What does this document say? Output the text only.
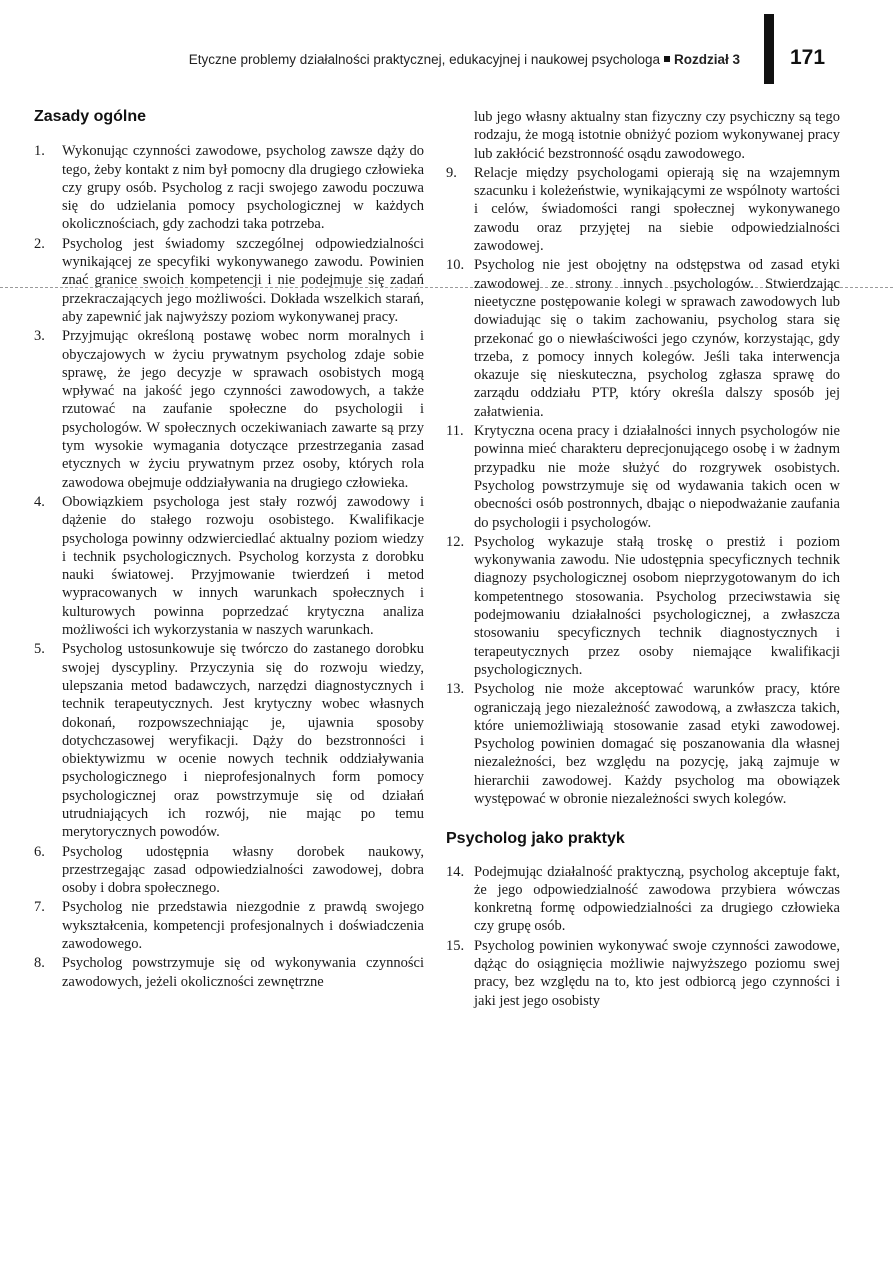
Etyczne problemy działalności praktycznej, edukacyjnej i naukowej psychologa Rozdział 3 171
Zasady ogólne
1.	Wykonując czynności zawodowe, psycholog zawsze dąży do tego, żeby kontakt z nim był pomocny dla drugiego człowieka czy grupy osób. Psycholog z racji swojego zawodu poczuwa się do udzielania pomocy psychologicznej w każdych okolicznościach, gdy zachodzi taka potrzeba.
2.	Psycholog jest świadomy szczególnej odpowiedzialności wynikającej ze specyfiki wykonywanego zawodu. Powinien znać granice swoich kompetencji i nie podejmuje się zadań przekraczających jego możliwości. Dokłada wszelkich starań, aby zapewnić jak najwyższy poziom wykonywanej pracy.
3.	Przyjmując określoną postawę wobec norm moralnych i obyczajowych w życiu prywatnym psycholog zdaje sobie sprawę, że jego decyzje w sprawach osobistych mogą wpływać na jakość jego czynności zawodowych, a także rzutować na zaufanie społeczne do psychologii i psychologów. W społecznych oczekiwaniach zawarte są przy tym wysokie wymagania dotyczące przestrzegania zasad etycznych w życiu prywatnym przez osoby, których rola zawodowa obejmuje oddziaływania na drugiego człowieka.
4.	Obowiązkiem psychologa jest stały rozwój zawodowy i dążenie do stałego rozwoju osobistego. Kwalifikacje psychologa powinny odzwierciedlać aktualny poziom wiedzy i technik psychologicznych. Psycholog korzysta z dorobku nauki światowej. Przyjmowanie twierdzeń i metod wypracowanych w innych warunkach społecznych i kulturowych powinna poprzedzać krytyczna analiza możliwości ich wykorzystania w naszych warunkach.
5.	Psycholog ustosunkowuje się twórczo do zastanego dorobku swojej dyscypliny. Przyczynia się do rozwoju wiedzy, ulepszania metod badawczych, narzędzi diagnostycznych i technik terapeutycznych. Jest krytyczny wobec własnych dokonań, rozpowszechniając je, ujawnia sposoby dotychczasowej weryfikacji. Dąży do bezstronności i obiektywizmu w ocenie nowych technik oddziaływania psychologicznego i nieprofesjonalnych form pomocy psychologicznej oraz powstrzymuje się od działań utrudniających ich rozwój, nie mając po temu merytorycznych powodów.
6.	Psycholog udostępnia własny dorobek naukowy, przestrzegając zasad odpowiedzialności zawodowej, dobra osoby i dobra społecznego.
7.	Psycholog nie przedstawia niezgodnie z prawdą swojego wykształcenia, kompetencji profesjonalnych i doświadczenia zawodowego.
8.	Psycholog powstrzymuje się od wykonywania czynności zawodowych, jeżeli okoliczności zewnętrzne
lub jego własny aktualny stan fizyczny czy psychiczny są tego rodzaju, że mogą istotnie obniżyć poziom wykonywanej pracy lub zakłócić bezstronność osądu zawodowego.
9.	Relacje między psychologami opierają się na wzajemnym szacunku i koleżeństwie, wynikającymi ze wspólnoty wartości i celów, świadomości rangi społecznej wykonywanego zawodu oraz przyjętej na siebie odpowiedzialności zawodowej.
10. Psycholog nie jest obojętny na odstępstwa od zasad etyki zawodowej ze strony innych psychologów. Stwierdzając nieetyczne postępowanie kolegi w sprawach zawodowych lub dowiadując się o takim zachowaniu, psycholog stara się przekonać go o niewłaściwości jego czynów, korzystając, gdy trzeba, z pomocy innych kolegów. Jeśli taka interwencja okazuje się nieskuteczna, psycholog zgłasza sprawę do zarządu oddziału PTP, który określa dalszy sposób jej załatwienia.
11. Krytyczna ocena pracy i działalności innych psychologów nie powinna mieć charakteru deprecjonującego osobę i w żadnym przypadku nie może służyć do rozgrywek osobistych. Psycholog powstrzymuje się od wydawania takich ocen w obecności osób postronnych, dbając o niepodważanie zaufania do psychologii i psychologów.
12. Psycholog wykazuje stałą troskę o prestiż i poziom wykonywania zawodu. Nie udostępnia specyficznych technik diagnozy psychologicznej osobom nieprzygotowanym do ich kompetentnego stosowania. Psycholog przeciwstawia się podejmowaniu działalności psychologicznej, a zwłaszcza stosowaniu specyficznych technik diagnostycznych i terapeutycznych przez osoby niemające kwalifikacji psychologicznych.
13. Psycholog nie może akceptować warunków pracy, które ograniczają jego niezależność zawodową, a zwłaszcza takich, które uniemożliwiają stosowanie zasad etyki zawodowej. Psycholog powinien domagać się poszanowania dla własnej niezależności, bez względu na pozycję, jaką zajmuje w hierarchii zawodowej. Każdy psycholog ma obowiązek występować w obronie niezależności swych kolegów.
Psycholog jako praktyk
14. Podejmując działalność praktyczną, psycholog akceptuje fakt, że jego odpowiedzialność zawodowa przybiera wówczas konkretną formę odpowiedzialności za drugiego człowieka czy grupę osób.
15. Psycholog powinien wykonywać swoje czynności zawodowe, dążąc do osiągnięcia możliwie najwyższego poziomu swej pracy, bez względu na to, kto jest odbiorcą jego czynności i jaki jest jego osobisty
